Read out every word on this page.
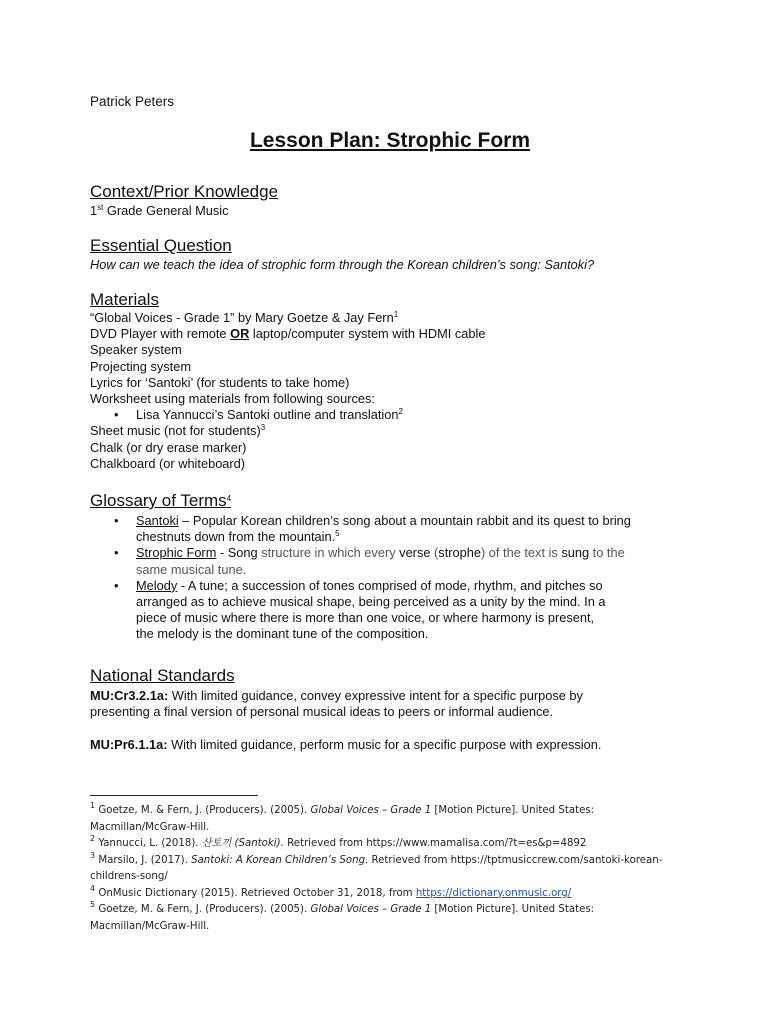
Patrick Peters
Lesson Plan: Strophic Form
Context/Prior Knowledge
1st Grade General Music
Essential Question
How can we teach the idea of strophic form through the Korean children’s song: Santoki?
Materials
“Global Voices - Grade 1” by Mary Goetze & Jay Fern$^1$
DVD Player with remote OR laptop/computer system with HDMI cable
Speaker system
Projecting system
Lyrics for ‘Santoki’ (for students to take home)
Worksheet using materials from following sources:
• Lisa Yannucci’s Santoki outline and translation$^2$
Sheet music (not for students)$^3$
Chalk (or dry erase marker)
Chalkboard (or whiteboard)
Glossary of Terms$^4$
• Santoki – Popular Korean children’s song about a mountain rabbit and its quest to bring
chestnuts down from the mountain.$^5$
• Strophic Form - Song structure in which every verse (strophe) of the text is sung to the
same musical tune.
• Melody - A tune; a succession of tones comprised of mode, rhythm, and pitches so
arranged as to achieve musical shape, being perceived as a unity by the mind. In a
piece of music where there is more than one voice, or where harmony is present,
the melody is the dominant tune of the composition.
National Standards
MU:Cr3.2.1a: With limited guidance, convey expressive intent for a specific purpose by
presenting a final version of personal musical ideas to peers or informal audience.
MU:Pr6.1.1a: With limited guidance, perform music for a specific purpose with expression.
$^1$ Goetze, M. & Fern, J. (Producers). (2005). Global Voices – Grade 1 [Motion Picture]. United States:
Macmillan/McGraw-Hill.
$^2$ Yannucci, L. (2018). 산토끼 (Santoki). Retrieved from https://www.mamalisa.com/?t=es&p=4892
$^3$ Marsilo, J. (2017). Santoki: A Korean Children’s Song. Retrieved from https://tptmusiccrew.com/santoki-korean-
childrens-song/
$^4$ OnMusic Dictionary (2015). Retrieved October 31, 2018, from https://dictionary.onmusic.org/
$^5$ Goetze, M. & Fern, J. (Producers). (2005). Global Voices – Grade 1 [Motion Picture]. United States:
Macmillan/McGraw-Hill.
